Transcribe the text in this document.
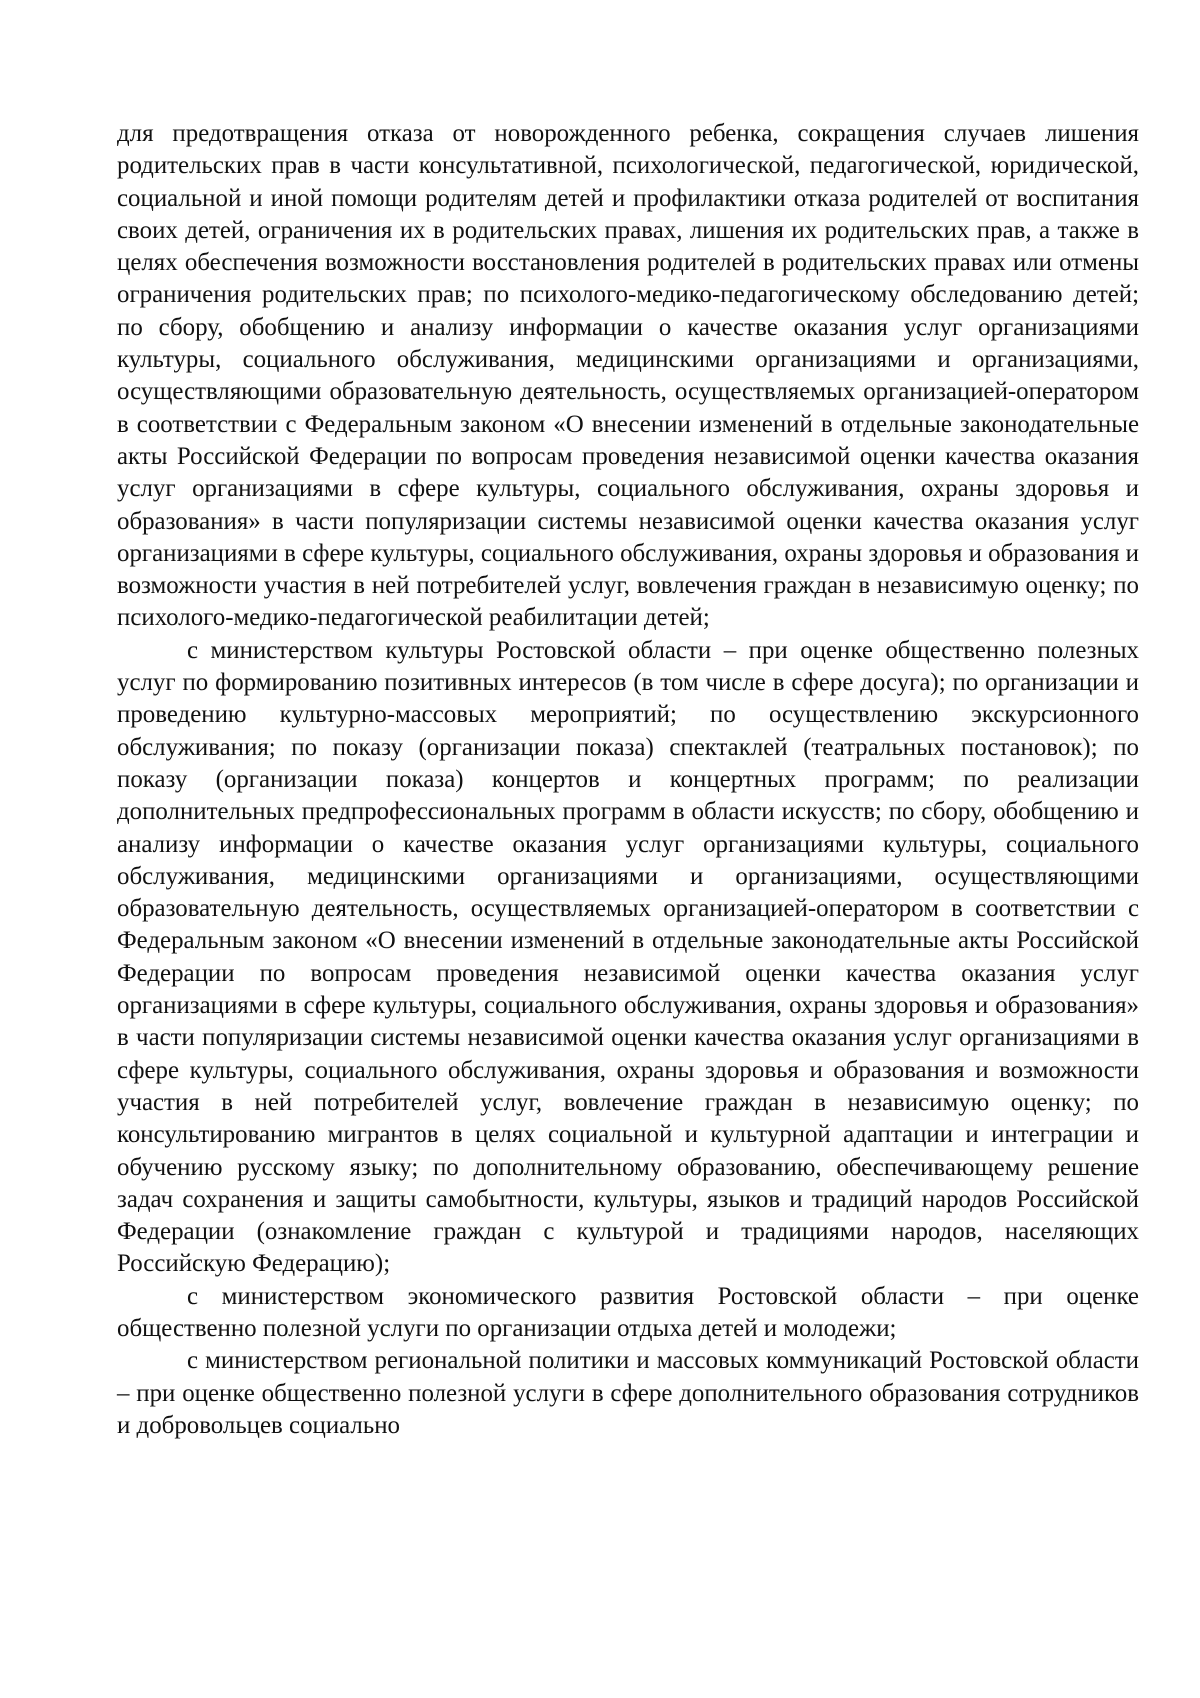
для предотвращения отказа от новорожденного ребенка, сокращения случаев лишения родительских прав в части консультативной, психологической, педагогической, юридической, социальной и иной помощи родителям детей и профилактики отказа родителей от воспитания своих детей, ограничения их в родительских правах, лишения их родительских прав, а также в целях обеспечения возможности восстановления родителей в родительских правах или отмены ограничения родительских прав; по психолого-медико-педагогическому обследованию детей; по сбору, обобщению и анализу информации о качестве оказания услуг организациями культуры, социального обслуживания, медицинскими организациями и организациями, осуществляющими образовательную деятельность, осуществляемых организацией-оператором в соответствии с Федеральным законом «О внесении изменений в отдельные законодательные акты Российской Федерации по вопросам проведения независимой оценки качества оказания услуг организациями в сфере культуры, социального обслуживания, охраны здоровья и образования» в части популяризации системы независимой оценки качества оказания услуг организациями в сфере культуры, социального обслуживания, охраны здоровья и образования и возможности участия в ней потребителей услуг, вовлечения граждан в независимую оценку; по психолого-медико-педагогической реабилитации детей;

с министерством культуры Ростовской области – при оценке общественно полезных услуг по формированию позитивных интересов (в том числе в сфере досуга); по организации и проведению культурно-массовых мероприятий; по осуществлению экскурсионного обслуживания; по показу (организации показа) спектаклей (театральных постановок); по показу (организации показа) концертов и концертных программ; по реализации дополнительных предпрофессиональных программ в области искусств; по сбору, обобщению и анализу информации о качестве оказания услуг организациями культуры, социального обслуживания, медицинскими организациями и организациями, осуществляющими образовательную деятельность, осуществляемых организацией-оператором в соответствии с Федеральным законом «О внесении изменений в отдельные законодательные акты Российской Федерации по вопросам проведения независимой оценки качества оказания услуг организациями в сфере культуры, социального обслуживания, охраны здоровья и образования» в части популяризации системы независимой оценки качества оказания услуг организациями в сфере культуры, социального обслуживания, охраны здоровья и образования и возможности участия в ней потребителей услуг, вовлечение граждан в независимую оценку; по консультированию мигрантов в целях социальной и культурной адаптации и интеграции и обучению русскому языку; по дополнительному образованию, обеспечивающему решение задач сохранения и защиты самобытности, культуры, языков и традиций народов Российской Федерации (ознакомление граждан с культурой и традициями народов, населяющих Российскую Федерацию);

с министерством экономического развития Ростовской области – при оценке общественно полезной услуги по организации отдыха детей и молодежи;

с министерством региональной политики и массовых коммуникаций Ростовской области – при оценке общественно полезной услуги в сфере дополнительного образования сотрудников и добровольцев социально
